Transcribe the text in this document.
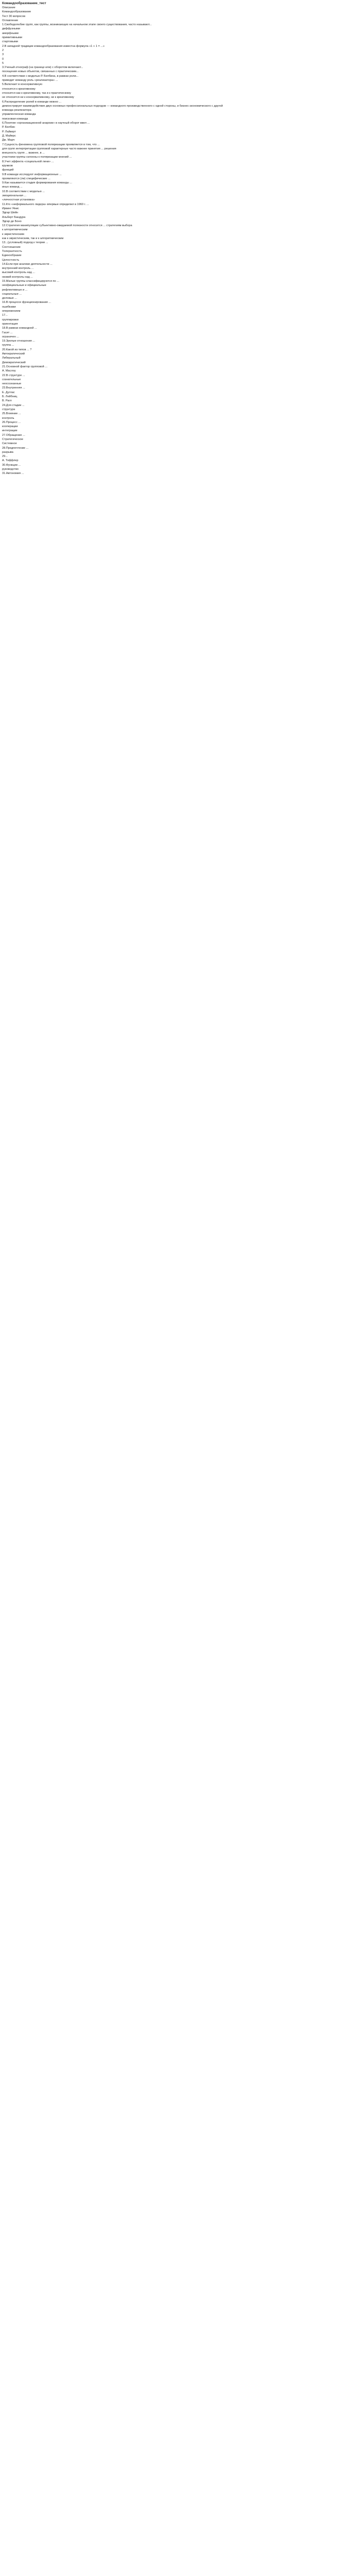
Командообразование_тест
Описание
Командообразование
Тест 30 вопросов
Оглавление
1.Свободолюбие групп, как группы, возникающих на начальном этапе своего существования, часто называют...
диффузными
аморфными
примитивными
стартовыми
2.В западной традиции командообразования известна формула «1 + 1 = ...»
2
3
0
5
3.Ученый-этнограф (на границе или) с оборотом включают...
посещения новых объектов, связанных с практическим...
4.В соответствии с моделью Р. Белбина, в рамках роли...
приводит команду роль «реализатора» ...
5.Включает в консервативную
относится к креативному
относится как к креативному, так и к практическому
не относится ни к консервативному, ни к креативному
6.Распределение ролей в команде можно ...
демонстрирует взаимодействие двух основных профессиональных подходов — командного производственного с одной стороны, и бизнес-экономического с другой
команда реализатора
управленческая команда
поисковая команда
6.Понятие «организационной анархии» в научный оборот ввел ...
Р. Белбин
Р. Лайкерт
Д. Майерс
Дж. Марч
7.Сущность феномена групповой поляризации проявляется в том, что ...
для групп интерпретации групповой характерные часто важнее принятия ... решения
внешность групп ... важнее, в ...
участники группы склонны к поляризации мнений ...
8.Учет эффекта «социальной лени» ...
кружков
функций
9.В команде исследуют информационные ...
проявляются (ли) специфические ...
9.Как называется стадия формирования команды ...
иных команд ...
10.В соответствии с моделью ...
эмоциональная ...
«личностная установка»
11.Кто «неформального лидера» впервые определил в 1960 г. ...
Ирвинг Янис
Эдгар Шейн
Альберт Бандура
Эдгар де Боно
12.Стратегия манипуляции субъективно-ожидаемой полезности относится ... стратегиям выбора
к алгоритмическим
к эвристическим
как к эвристическим, так и к алгоритмическим
13...(условный) подход к теории ...
Соотношение
Толерантность
Единообразие
Целостность
14.Если при анализе деятельности ...
внутренний контроль ...
высокий контроль над ...
низкий контроль над ...
15.Малые группы классифицируются по ...
неофициальные и официальные
рефлективные и ...
социальные ...
деловые ...
16.В процессе функционирования ...
ошибками
опережением
17...
группировки
ориентация
18.В рамках командной ...
Гасит ...
ограничен ...
19.Зрелые отношения ...
группа ...
20.Какой из типов ... ?
Автократический
Либеральный
Демократический
21.Основной фактор групповой ...
А. Маслоу
22.В структуре ...
сознательные
неосознанные
23.Внутренняя ...
Е. Дуглас
Б. Лейбниц
В. Рагл
24.Для стадии ...
структура
25.Влияние ...
контроль
26.Процесс ...
кооперации
интеграции
27.Обращение ...
Стратегическое
Системное
28.Предпочтение ...
разрыва
29...
А. Тоффлер
30.Функции ...
руководство
31.Автономия ...
